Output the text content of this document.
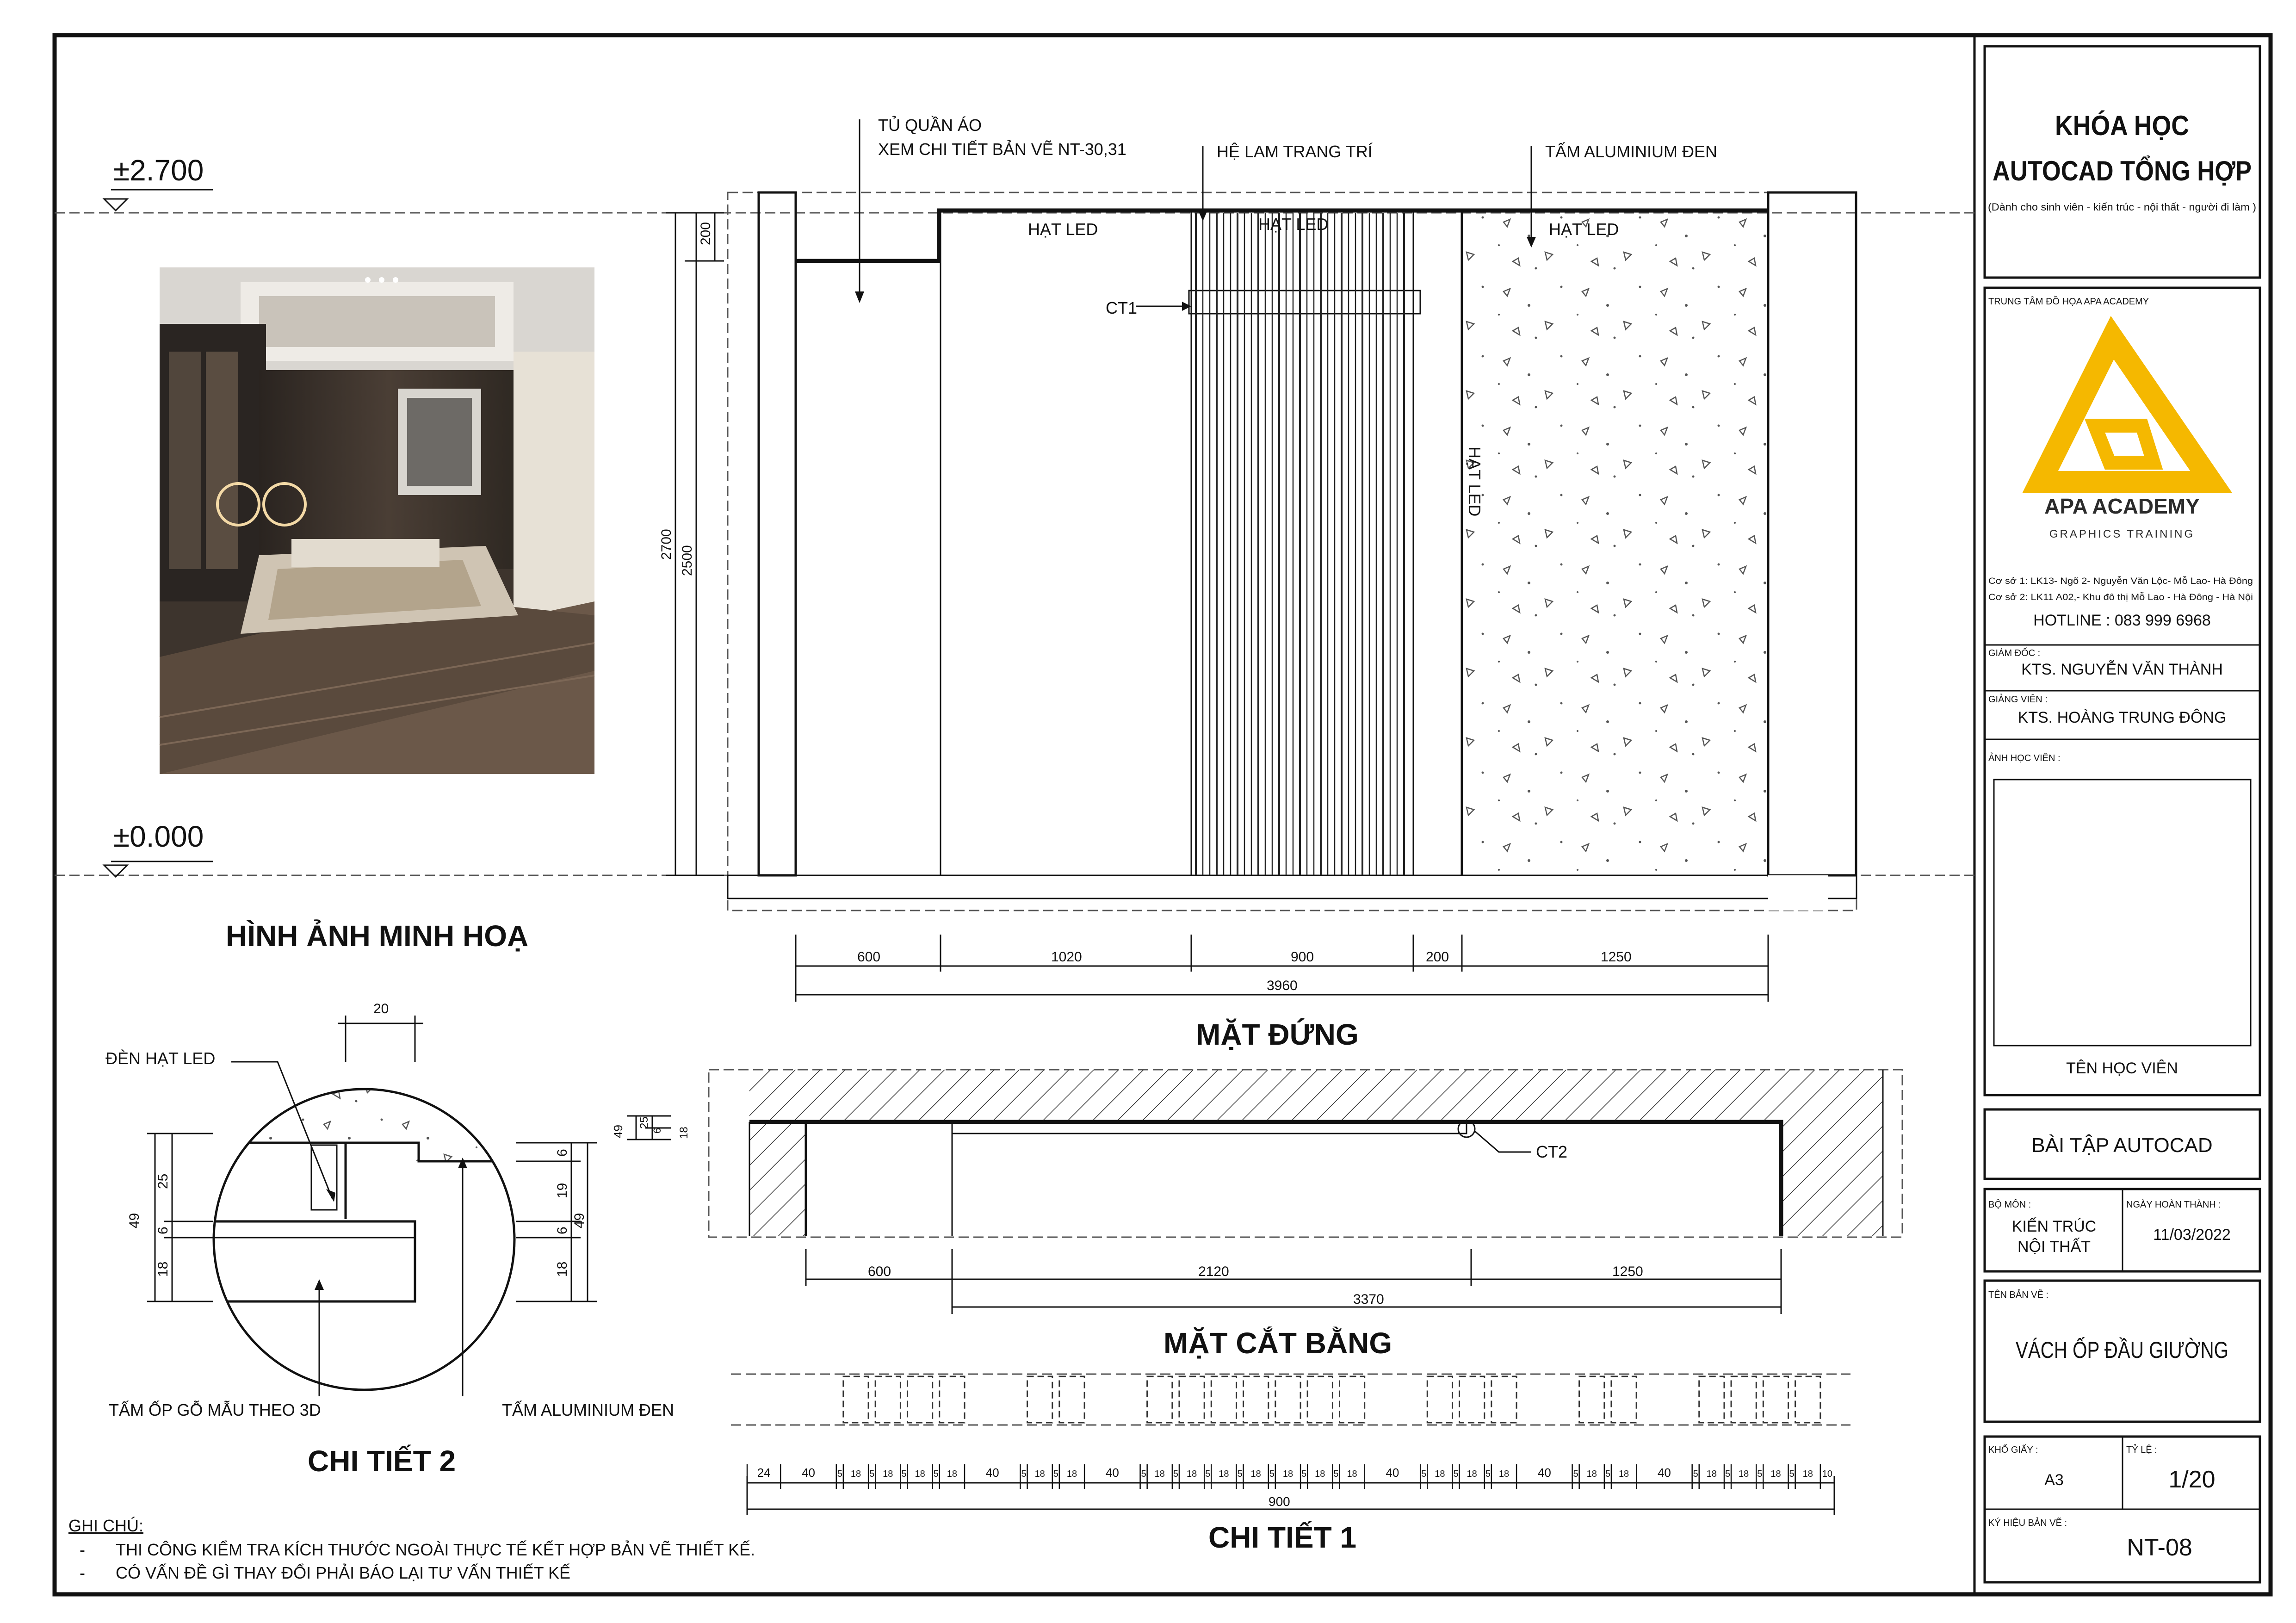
±2.700
±0.000
HÌNH ẢNH MINH HOẠ
TỦ QUẦN ÁO
XEM CHI TIẾT BẢN VẼ NT-30,31	HỆ LAM TRANG TRÍ	TẤM ALUMINIUM ĐEN
HẠT LED	HẠT LED	HẠT LED
HẠT LED
CT1
200
2500
2700
600	1020	900	200	1250
3960
MẶT ĐỨNG
CT2
49
25
6 18
600	2120	1250
3370
MẶT CẮT BẰNG
24	40 5 18 5 18 5 18 5 18 40 5 18 5 18 40 5 18 5 18 5 18 5 18 5 18 5 18 5 18 40 5 18 5 18 5 18 40 5 18 5 18 40 5 18 5 18 5 18 5 18 10
900
CHI TIẾT 1
ĐÈN HẠT LED
TẤM ỐP GỖ MẪU THEO 3D	TẤM ALUMINIUM ĐEN
20
25
6
18
49
6
19
6
18
49
CHI TIẾT 2
GHI CHÚ:
- THI CÔNG KIỂM TRA KÍCH THƯỚC NGOÀI THỰC TẾ KẾT HỢP BẢN VẼ THIẾT KẾ.
- CÓ VẤN ĐỀ GÌ THAY ĐỔI PHẢI BÁO LẠI TƯ VẤN THIẾT KẾ
KHÓA HỌC
AUTOCAD TỔNG HỢP
(Dành cho sinh viên - kiến trúc - nội thất - người đi làm )
TRUNG TÂM ĐỒ HỌA APA ACADEMY
APA ACADEMY
GRAPHICS TRAINING
Cơ sở 1: LK13- Ngõ 2- Nguyễn Văn Lộc- Mỗ Lao- Hà Đông
Cơ sở 2: LK11 A02,- Khu đô thị Mỗ Lao - Hà Đông - Hà Nội
HOTLINE : 083 999 6968
GIÁM ĐỐC :
KTS. NGUYỄN VĂN THÀNH
GIẢNG VIÊN :
KTS. HOÀNG TRUNG ĐÔNG
ẢNH HỌC VIÊN :
TÊN HỌC VIÊN
BÀI TẬP AUTOCAD
BỘ MÔN :
KIẾN TRÚC
NỘI THẤT
NGÀY HOÀN THÀNH :
11/03/2022
TÊN BẢN VẼ :
VÁCH ỐP ĐẦU GIƯỜNG
KHỔ GIẤY :
A3
TỶ LỆ :
1/20
KÝ HIỆU BẢN VẼ :
NT-08
